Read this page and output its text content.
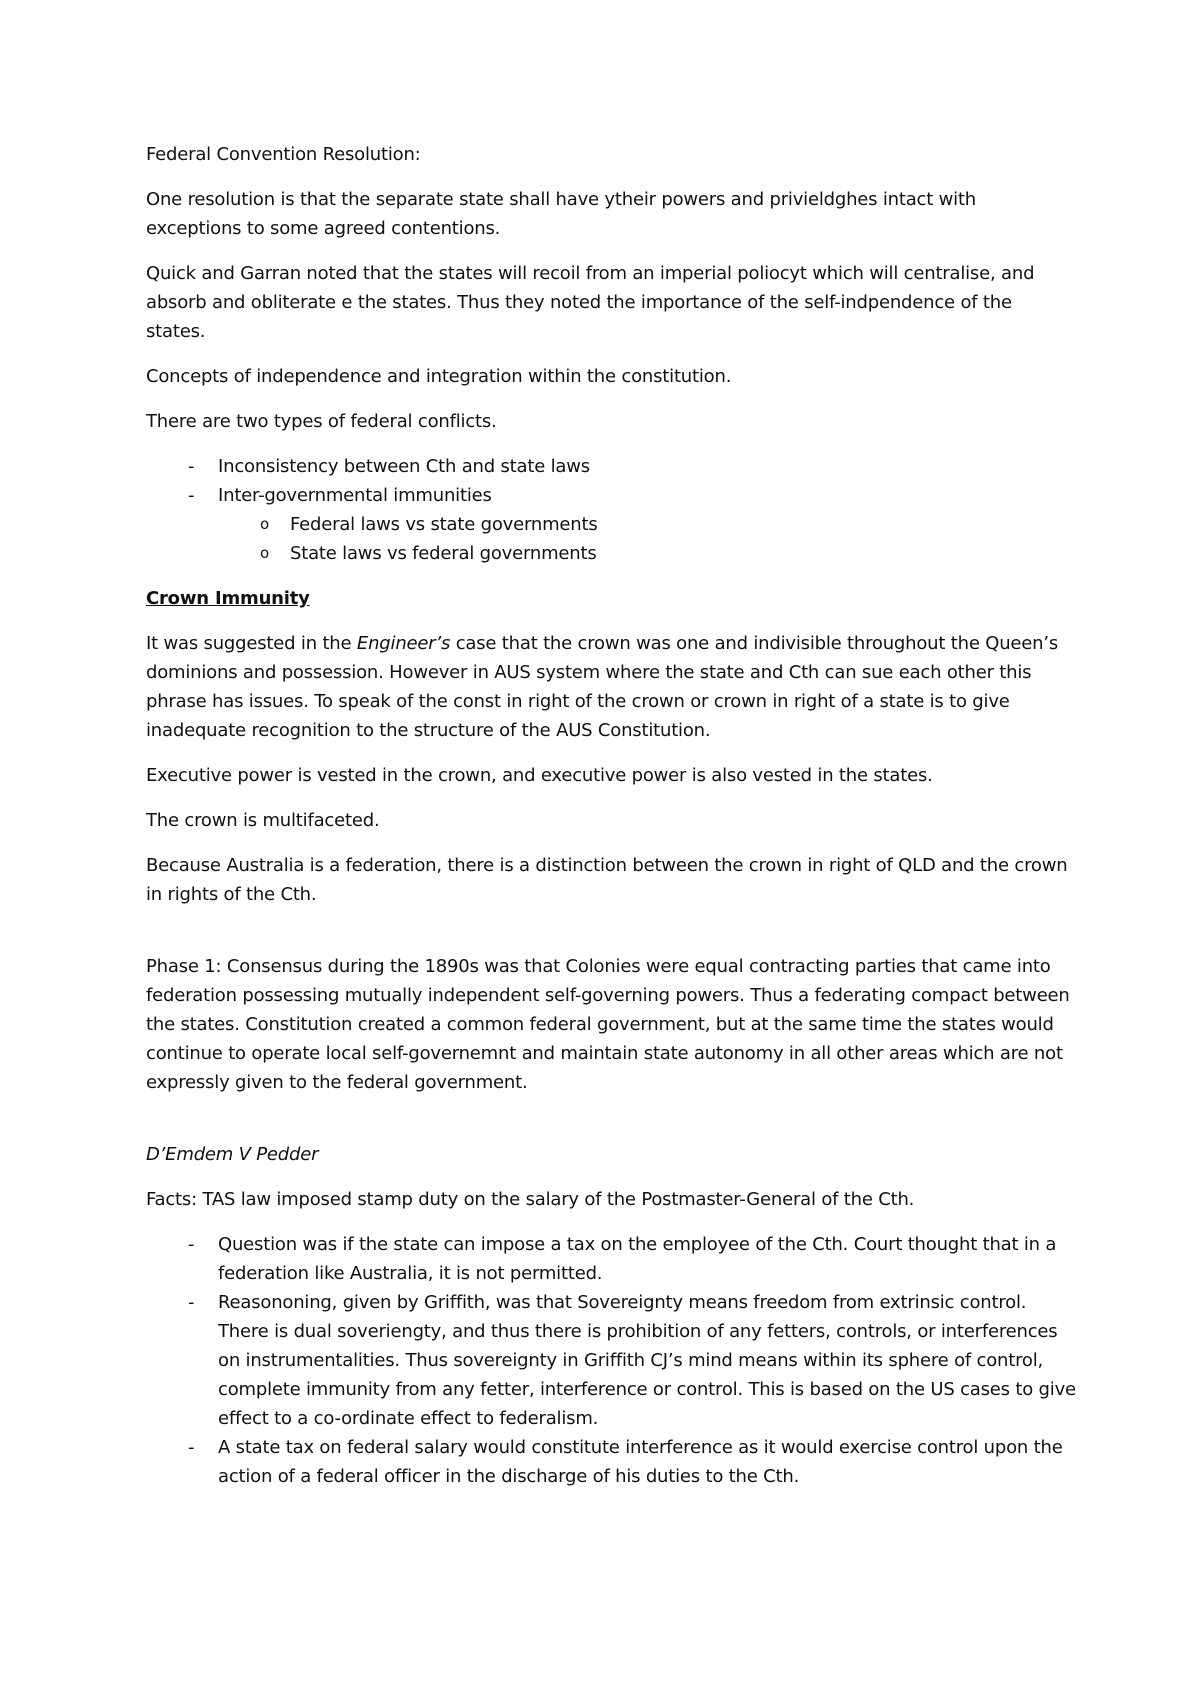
Federal Convention Resolution:

One resolution is that the separate state shall have ytheir powers and privieldghes intact with exceptions to some agreed contentions.

Quick and Garran noted that the states will recoil from an imperial poliocyt which will centralise, and absorb and obliterate e the states. Thus they noted the importance of the self-indpendence of the states.

Concepts of independence and integration within the constitution.

There are two types of federal conflicts.

- Inconsistency between Cth and state laws
- Inter-governmental immunities
o Federal laws vs state governments
o State laws vs federal governments

Crown Immunity

It was suggested in the Engineer’s case that the crown was one and indivisible throughout the Queen’s dominions and possession. However in AUS system where the state and Cth can sue each other this phrase has issues. To speak of the const in right of the crown or crown in right of a state is to give inadequate recognition to the structure of the AUS Constitution.

Executive power is vested in the crown, and executive power is also vested in the states.

The crown is multifaceted.

Because Australia is a federation, there is a distinction between the crown in right of QLD and the crown in rights of the Cth.

Phase 1: Consensus during the 1890s was that Colonies were equal contracting parties that came into federation possessing mutually independent self-governing powers. Thus a federating compact between the states. Constitution created a common federal government, but at the same time the states would continue to operate local self-governemnt and maintain state autonomy in all other areas which are not expressly given to the federal government.

D’Emdem V Pedder

Facts: TAS law imposed stamp duty on the salary of the Postmaster-General of the Cth.

- Question was if the state can impose a tax on the employee of the Cth. Court thought that in a federation like Australia, it is not permitted.
- Reasononing, given by Griffith, was that Sovereignty means freedom from extrinsic control. There is dual soveriengty, and thus there is prohibition of any fetters, controls, or interferences on instrumentalities. Thus sovereignty in Griffith CJ’s mind means within its sphere of control, complete immunity from any fetter, interference or control. This is based on the US cases to give effect to a co-ordinate effect to federalism.
- A state tax on federal salary would constitute interference as it would exercise control upon the action of a federal officer in the discharge of his duties to the Cth.
